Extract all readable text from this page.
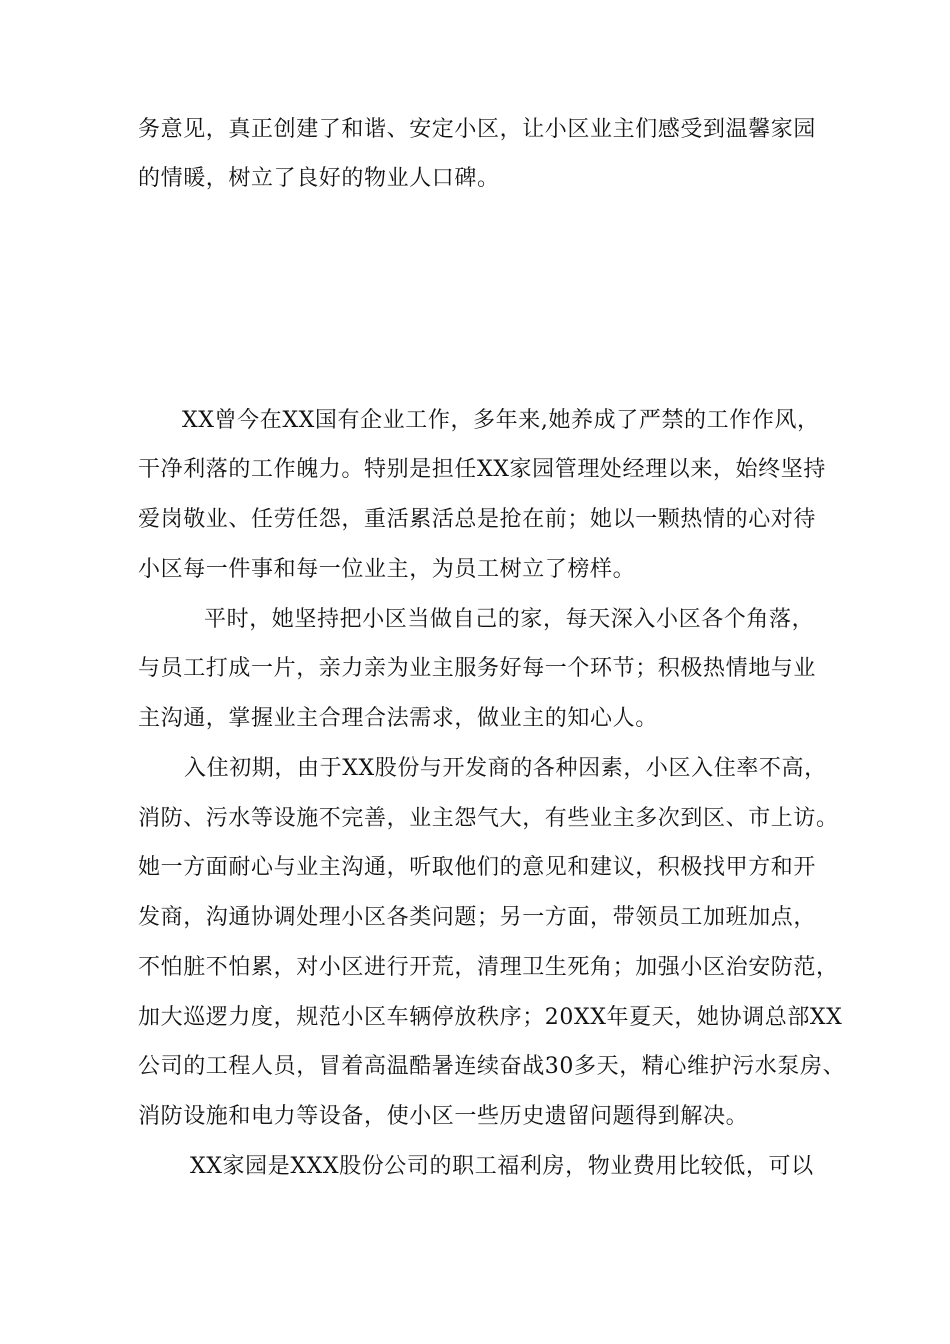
务意见，真正创建了和谐、安定小区，让小区业主们感受到温馨家园
的情暖，树立了良好的物业人口碑。
XX曾今在XX国有企业工作，多年来,她养成了严禁的工作作风，
干净利落的工作魄力。特别是担任XX家园管理处经理以来，始终坚持
爱岗敬业、任劳任怨，重活累活总是抢在前；她以一颗热情的心对待
小区每一件事和每一位业主，为员工树立了榜样。
平时，她坚持把小区当做自己的家，每天深入小区各个角落，
与员工打成一片，亲力亲为业主服务好每一个环节；积极热情地与业
主沟通，掌握业主合理合法需求，做业主的知心人。
入住初期，由于XX股份与开发商的各种因素，小区入住率不高，
消防、污水等设施不完善，业主怨气大，有些业主多次到区、市上访。
她一方面耐心与业主沟通，听取他们的意见和建议，积极找甲方和开
发商，沟通协调处理小区各类问题；另一方面，带领员工加班加点，
不怕脏不怕累，对小区进行开荒，清理卫生死角；加强小区治安防范，
加大巡逻力度，规范小区车辆停放秩序；20XX年夏天，她协调总部XX
公司的工程人员，冒着高温酷暑连续奋战30多天，精心维护污水泵房、
消防设施和电力等设备，使小区一些历史遗留问题得到解决。
XX家园是XXX股份公司的职工福利房，物业费用比较低，可以
